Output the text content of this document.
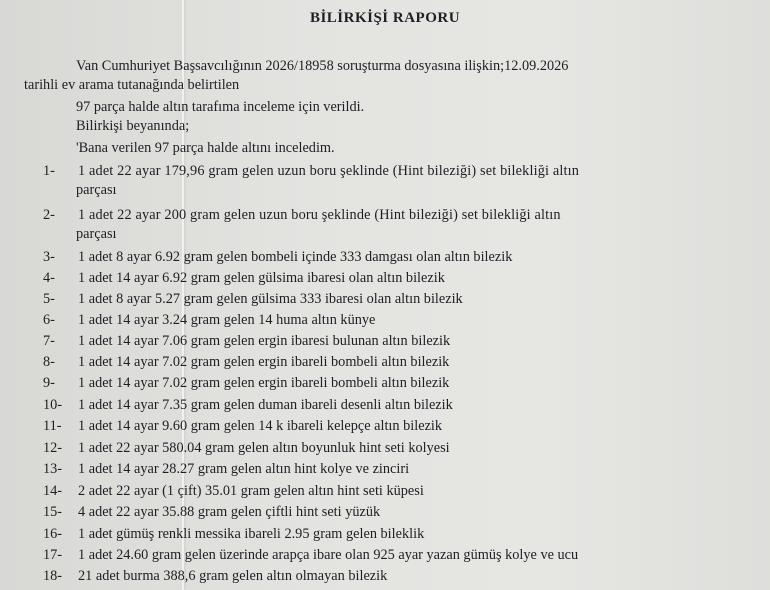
BİLİRKİŞİ RAPORU
Van Cumhuriyet Başsavcılığının 2026/18958 soruşturma dosyasına ilişkin;12.09.2026
tarihli ev arama tutanağında belirtilen
97 parça halde altın tarafıma inceleme için verildi.
Bilirkişi beyanında;
'Bana verilen 97 parça halde altını inceledim.
1- 1 adet 22 ayar 179,96 gram gelen uzun boru şeklinde (Hint bileziği) set bilekliği altın
parçası
2- 1 adet 22 ayar 200 gram gelen uzun boru şeklinde (Hint bileziği) set bilekliği altın
parçası
3- 1 adet 8 ayar 6.92 gram gelen bombeli içinde 333 damgası olan altın bilezik
4- 1 adet 14 ayar 6.92 gram gelen gülsima ibaresi olan altın bilezik
5- 1 adet 8 ayar 5.27 gram gelen gülsima 333 ibaresi olan altın bilezik
6- 1 adet 14 ayar 3.24 gram gelen 14 huma altın künye
7- 1 adet 14 ayar 7.06 gram gelen ergin ibaresi bulunan altın bilezik
8- 1 adet 14 ayar 7.02 gram gelen ergin ibareli bombeli altın bilezik
9- 1 adet 14 ayar 7.02 gram gelen ergin ibareli bombeli altın bilezik
10- 1 adet 14 ayar 7.35 gram gelen duman ibareli desenli altın bilezik
11- 1 adet 14 ayar 9.60 gram gelen 14 k ibareli kelepçe altın bilezik
12- 1 adet 22 ayar 580.04 gram gelen altın boyunluk hint seti kolyesi
13- 1 adet 14 ayar 28.27 gram gelen altın hint kolye ve zinciri
14- 2 adet 22 ayar (1 çift) 35.01 gram gelen altın hint seti küpesi
15- 4 adet 22 ayar 35.88 gram gelen çiftli hint seti yüzük
16- 1 adet gümüş renkli messika ibareli 2.95 gram gelen bileklik
17- 1 adet 24.60 gram gelen üzerinde arapça ibare olan 925 ayar yazan gümüş kolye ve ucu
18- 21 adet burma 388,6 gram gelen altın olmayan bilezik
